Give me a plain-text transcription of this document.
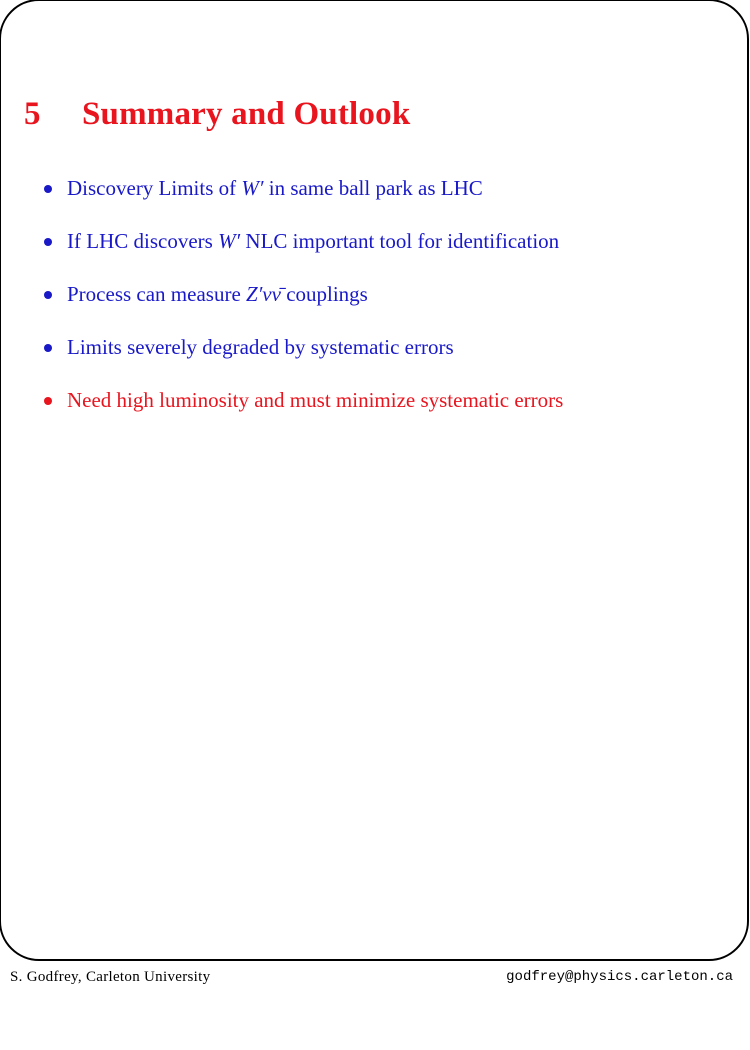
5 Summary and Outlook
Discovery Limits of W′ in same ball park as LHC
If LHC discovers W′ NLC important tool for identification
Process can measure Z′νν̄ couplings
Limits severely degraded by systematic errors
Need high luminosity and must minimize systematic errors
S. Godfrey, Carleton University	godfrey@physics.carleton.ca
